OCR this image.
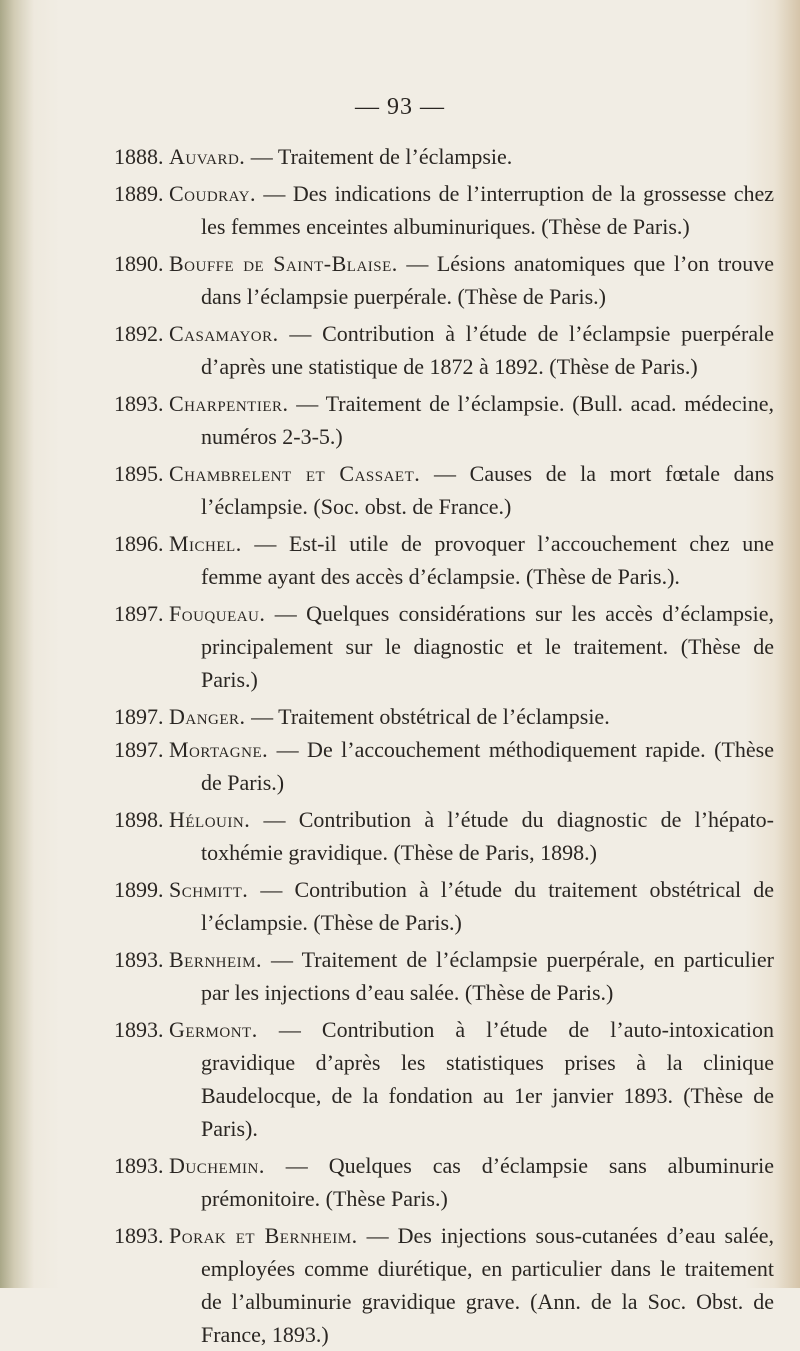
— 93 —
1888. Auvard. — Traitement de l’éclampsie.
1889. Coudray. — Des indications de l’interruption de la grossesse chez les femmes enceintes albuminuriques. (Thèse de Paris.)
1890. Bouffe de Saint-Blaise. — Lésions anatomiques que l’on trouve dans l’éclampsie puerpérale. (Thèse de Paris.)
1892. Casamayor. — Contribution à l’étude de l’éclampsie puerpérale d’après une statistique de 1872 à 1892. (Thèse de Paris.)
1893. Charpentier. — Traitement de l’éclampsie. (Bull. acad. médecine, numéros 2-3-5.)
1895. Chambrelent et Cassaet. — Causes de la mort fœtale dans l’éclampsie. (Soc. obst. de France.)
1896. Michel. — Est-il utile de provoquer l’accouchement chez une femme ayant des accès d’éclampsie. (Thèse de Paris.).
1897. Fouqueau. — Quelques considérations sur les accès d’éclampsie, principalement sur le diagnostic et le traitement. (Thèse de Paris.)
1897. Danger. — Traitement obstétrical de l’éclampsie.
1897. Mortagne. — De l’accouchement méthodiquement rapide. (Thèse de Paris.)
1898. Hélouin. — Contribution à l’étude du diagnostic de l’hépato-toxhémie gravidique. (Thèse de Paris, 1898.)
1899. Schmitt. — Contribution à l’étude du traitement obstétrical de l’éclampsie. (Thèse de Paris.)
1893. Bernheim. — Traitement de l’éclampsie puerpérale, en particulier par les injections d’eau salée. (Thèse de Paris.)
1893. Germont. — Contribution à l’étude de l’auto-intoxication gravidique d’après les statistiques prises à la clinique Baudelocque, de la fondation au 1er janvier 1893. (Thèse de Paris).
1893. Duchemin. — Quelques cas d’éclampsie sans albuminurie prémonitoire. (Thèse Paris.)
1893. Porak et Bernheim. — Des injections sous-cutanées d’eau salée, employées comme diurétique, en particulier dans le traitement de l’albuminurie gravidique grave. (Ann. de la Soc. Obst. de France, 1893.)
